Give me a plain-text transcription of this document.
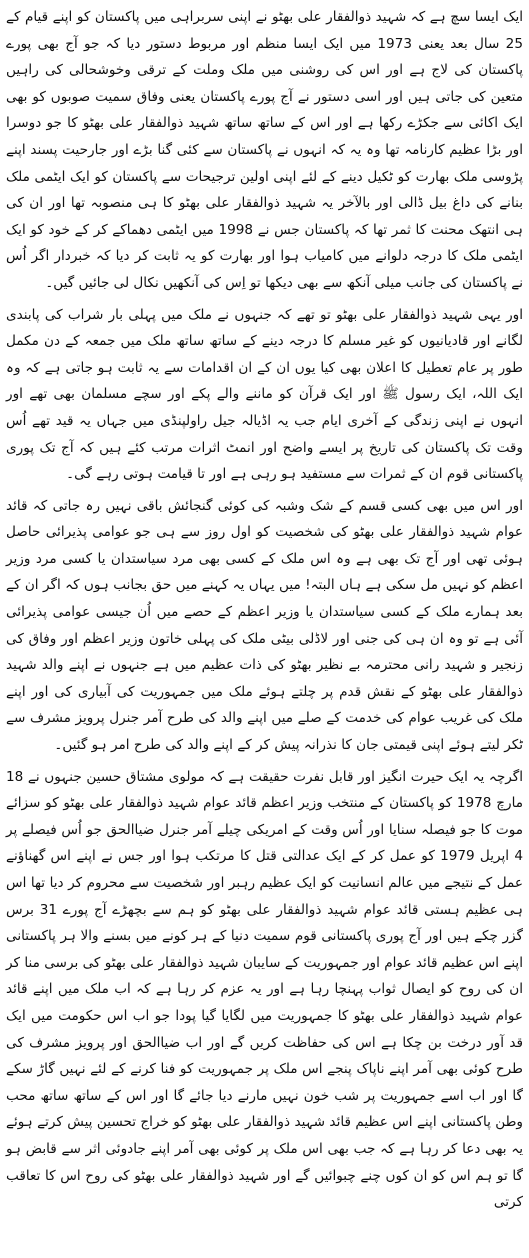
ایک ایسا سچ ہے کہ شہید ذوالفقار علی بھٹو نے اپنی سربراہی میں پاکستان کو اپنے قیام کے 25 سال بعد یعنی 1973 میں ایک ایسا منظم اور مربوط دستور دیا کہ جو آج بھی پورے پاکستان کی لاج ہے اور اس کی روشنی میں ملک وملت کے ترقی وخوشحالی کی راہیں متعین کی جاتی ہیں اور اسی دستور نے آج پورے پاکستان یعنی وفاق سمیت صوبوں کو بھی ایک اکائی سے جکڑے رکھا ہے اور اس کے ساتھ ساتھ شہید ذوالفقار علی بھٹو کا جو دوسرا اور بڑا عظیم کارنامہ تھا وہ یہ کہ انہوں نے پاکستان سے کئی گنا بڑے اور جارحیت پسند اپنے پڑوسی ملک بھارت کو ٹکیل دینے کے لئے اپنی اولین ترجیحات سے پاکستان کو ایک ایٹمی ملک بنانے کی داغ بیل ڈالی اور بالآخر یہ شہید ذوالفقار علی بھٹو کا ہی منصوبہ تھا اور ان کی ہی انتھک محنت کا ثمر تھا کہ پاکستان جس نے 1998 میں ایٹمی دھماکے کر کے خود کو ایک ایٹمی ملک کا درجہ دلوانے میں کامیاب ہوا اور بھارت کو یہ ثابت کر دیا کہ خبردار اگر اُس نے پاکستان کی جانب میلی آنکھ سے بھی دیکھا تو اِس کی آنکھیں نکال لی جائیں گیں۔

اور یہی شہید ذوالفقار علی بھٹو تو تھے کہ جنہوں نے ملک میں پہلی بار شراب کی پابندی لگانے اور قادیانیوں کو غیر مسلم کا درجہ دینے کے ساتھ ساتھ ملک میں جمعہ کے دن مکمل طور پر عام تعطیل کا اعلان بھی کیا یوں ان کے ان اقدامات سے یہ ثابت ہو جاتی ہے کہ وہ ایک اللہ، ایک رسول ﷺ اور ایک قرآن کو ماننے والے پکے اور سچے مسلمان بھی تھے اور انہوں نے اپنی زندگی کے آخری ایام جب یہ اڈیالہ جیل راولپنڈی میں جہاں یہ قید تھے اُس وقت تک پاکستان کی تاریخ پر ایسے واضح اور انمٹ اثرات مرتب کئے ہیں کہ آج تک پوری پاکستانی قوم ان کے ثمرات سے مستفید ہو رہی ہے اور تا قیامت ہوتی رہے گی۔

اور اس میں بھی کسی قسم کے شک وشبہ کی کوئی گنجائش باقی نہیں رہ جاتی کہ قائد عوام شہید ذوالفقار علی بھٹو کی شخصیت کو اول روز سے ہی جو عوامی پذیرائی حاصل ہوئی تھی اور آج تک بھی ہے وہ اس ملک کے کسی بھی مرد سیاستدان یا کسی مرد وزیر اعظم کو نہیں مل سکی ہے ہاں البتہ! میں یہاں یہ کہنے میں حق بجانب ہوں کہ اگر ان کے بعد ہمارے ملک کے کسی سیاستدان یا وزیر اعظم کے حصے میں اُن جیسی عوامی پذیرائی آئی ہے تو وہ ان ہی کی جنی اور لاڈلی بیٹی ملک کی پہلی خاتون وزیر اعظم اور وفاق کی زنجیر و شہید رانی محترمہ بے نظیر بھٹو کی ذات عظیم میں ہے جنہوں نے اپنے والد شہید ذوالفقار علی بھٹو کے نقش قدم پر چلتے ہوئے ملک میں جمہوریت کی آبیاری کی اور اپنے ملک کی غریب عوام کی خدمت کے صلے میں اپنے والد کی طرح آمر جنرل پرویز مشرف سے ٹکر لیتے ہوئے اپنی قیمتی جان کا نذرانہ پیش کر کے اپنے والد کی طرح امر ہو گئیں۔

اگرچہ یہ ایک حیرت انگیز اور قابل نفرت حقیقت ہے کہ مولوی مشتاق حسین جنہوں نے 18 مارچ 1978 کو پاکستان کے منتخب وزیر اعظم قائد عوام شہید ذوالفقار علی بھٹو کو سزائے موت کا جو فیصلہ سنایا اور اُس وقت کے امریکی چیلے آمر جنرل ضیاالحق جو اُس فیصلے پر 4 اپریل 1979 کو عمل کر کے ایک عدالتی قتل کا مرتکب ہوا اور جس نے اپنے اس گھناؤنے عمل کے نتیجے میں عالم انسانیت کو ایک عظیم رہبر اور شخصیت سے محروم کر دیا تھا اس ہی عظیم ہستی قائد عوام شہید ذوالفقار علی بھٹو کو ہم سے بچھڑے آج پورے 31 برس گزر چکے ہیں اور آج پوری پاکستانی قوم سمیت دنیا کے ہر کونے میں بسنے والا ہر پاکستانی اپنے اس عظیم قائد عوام اور جمہوریت کے سایبان شہید ذوالفقار علی بھٹو کی برسی منا کر ان کی روح کو ایصال ثواب پہنچا رہا ہے اور یہ عزم کر رہا ہے کہ اب ملک میں اپنے قائد عوام شہید ذوالفقار علی بھٹو کا جمہوریت میں لگایا گیا پودا جو اب اس حکومت میں ایک قد آور درخت بن چکا ہے اس کی حفاظت کریں گے اور اب ضیاالحق اور پرویز مشرف کی طرح کوئی بھی آمر اپنے ناپاک پنجے اس ملک پر جمہوریت کو فنا کرنے کے لئے نہیں گاڑ سکے گا اور اب اسے جمہوریت پر شب خون نہیں مارنے دیا جائے گا اور اس کے ساتھ ساتھ محب وطن پاکستانی اپنے اس عظیم قائد شہید ذوالفقار علی بھٹو کو خراج تحسین پیش کرتے ہوئے یہ بھی دعا کر رہا ہے کہ جب بھی اس ملک پر کوئی بھی آمر اپنے جادوئی اثر سے قابض ہو گا تو ہم اس کو ان کوں چنے چبوائیں گے اور شہید ذوالفقار علی بھٹو کی روح اس کا تعاقب کرتی
